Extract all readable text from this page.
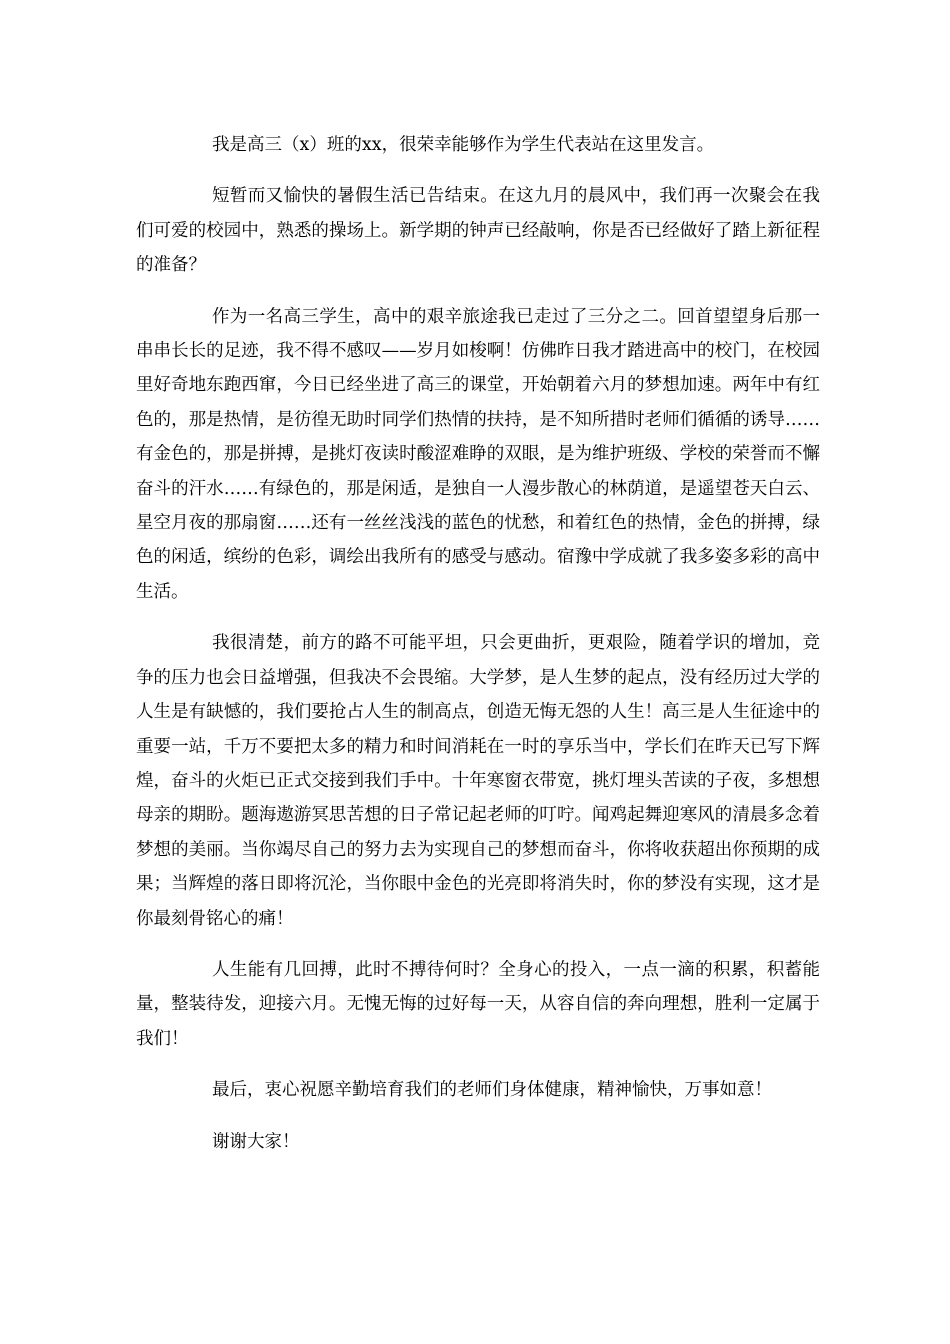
我是高三（x）班的xx，很荣幸能够作为学生代表站在这里发言。

短暂而又愉快的暑假生活已告结束。在这九月的晨风中，我们再一次聚会在我们可爱的校园中，熟悉的操场上。新学期的钟声已经敲响，你是否已经做好了踏上新征程的准备？

作为一名高三学生，高中的艰辛旅途我已走过了三分之二。回首望望身后那一串串长长的足迹，我不得不感叹——岁月如梭啊！仿佛昨日我才踏进高中的校门，在校园里好奇地东跑西窜，今日已经坐进了高三的课堂，开始朝着六月的梦想加速。两年中有红色的，那是热情，是彷徨无助时同学们热情的扶持，是不知所措时老师们循循的诱导……有金色的，那是拼搏，是挑灯夜读时酸涩难睁的双眼，是为维护班级、学校的荣誉而不懈奋斗的汗水……有绿色的，那是闲适，是独自一人漫步散心的林荫道，是遥望苍天白云、星空月夜的那扇窗……还有一丝丝浅浅的蓝色的忧愁，和着红色的热情，金色的拼搏，绿色的闲适，缤纷的色彩，调绘出我所有的感受与感动。宿豫中学成就了我多姿多彩的高中生活。

我很清楚，前方的路不可能平坦，只会更曲折，更艰险，随着学识的增加，竞争的压力也会日益增强，但我决不会畏缩。大学梦，是人生梦的起点，没有经历过大学的人生是有缺憾的，我们要抢占人生的制高点，创造无悔无怨的人生！高三是人生征途中的重要一站，千万不要把太多的精力和时间消耗在一时的享乐当中，学长们在昨天已写下辉煌，奋斗的火炬已正式交接到我们手中。十年寒窗衣带宽，挑灯埋头苦读的子夜，多想想母亲的期盼。题海遨游冥思苦想的日子常记起老师的叮咛。闻鸡起舞迎寒风的清晨多念着梦想的美丽。当你竭尽自己的努力去为实现自己的梦想而奋斗，你将收获超出你预期的成果；当辉煌的落日即将沉沦，当你眼中金色的光亮即将消失时，你的梦没有实现，这才是你最刻骨铭心的痛！

人生能有几回搏，此时不搏待何时？全身心的投入，一点一滴的积累，积蓄能量，整装待发，迎接六月。无愧无悔的过好每一天，从容自信的奔向理想，胜利一定属于我们！

最后，衷心祝愿辛勤培育我们的老师们身体健康，精神愉快，万事如意！

谢谢大家！
